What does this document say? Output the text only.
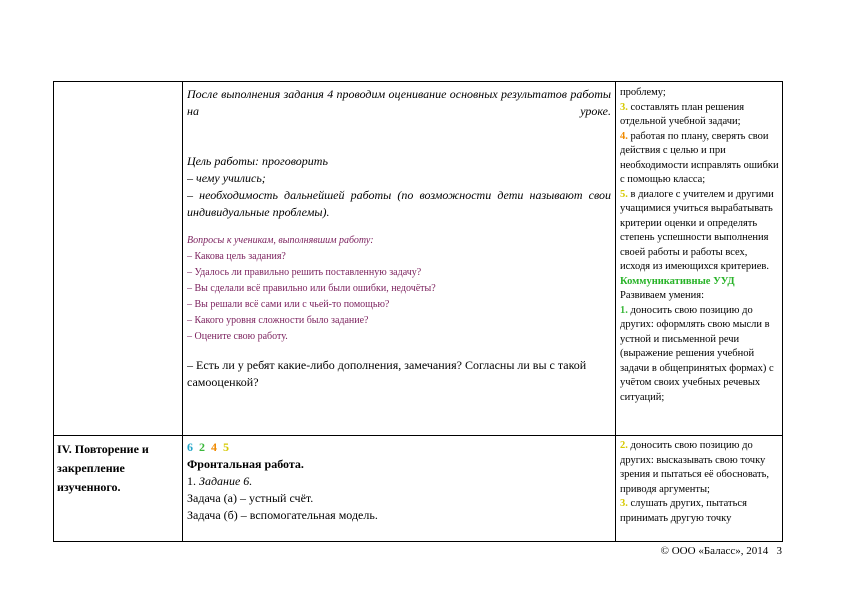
После выполнения задания 4 проводим оценивание основных результатов работы на уроке.

Цель работы: проговорить

– чему учились;

– необходимость дальнейшей работы (по возможности дети называют свои индивидуальные проблемы).

Вопросы к ученикам, выполнявшим работу:

– Какова цель задания?

– Удалось ли правильно решить поставленную задачу?

– Вы сделали всё правильно или были ошибки, недочёты?

– Вы решали всё сами или с чьей-то помощью?

– Какого уровня сложности было задание?

– Оцените свою работу.

– Есть ли у ребят какие-либо дополнения, замечания? Согласны ли вы с такой самооценкой?

проблему;

3. составлять план решения отдельной учебной задачи;

4. работая по плану, сверять свои действия с целью и при необходимости исправлять ошибки с помощью класса;

5. в диалоге с учителем и другими учащимися учиться вырабатывать критерии оценки и определять степень успешности выполнения своей работы и работы всех, исходя из имеющихся критериев.

Коммуникативные УУД

Развиваем умения:

1. доносить свою позицию до других: оформлять свою мысли в устной и письменной речи (выражение решения учебной задачи в общепринятых формах) с учётом своих учебных речевых ситуаций;

IV. Повторение и закрепление изученного.

6 2 4 5

Фронтальная работа.

1. Задание 6.

Задача (а) – устный счёт.

Задача (б) – вспомогательная модель.

2. доносить свою позицию до других: высказывать свою точку зрения и пытаться её обосновать, приводя аргументы;

3. слушать других, пытаться принимать другую точку

© ООО «Баласс», 2014 3
